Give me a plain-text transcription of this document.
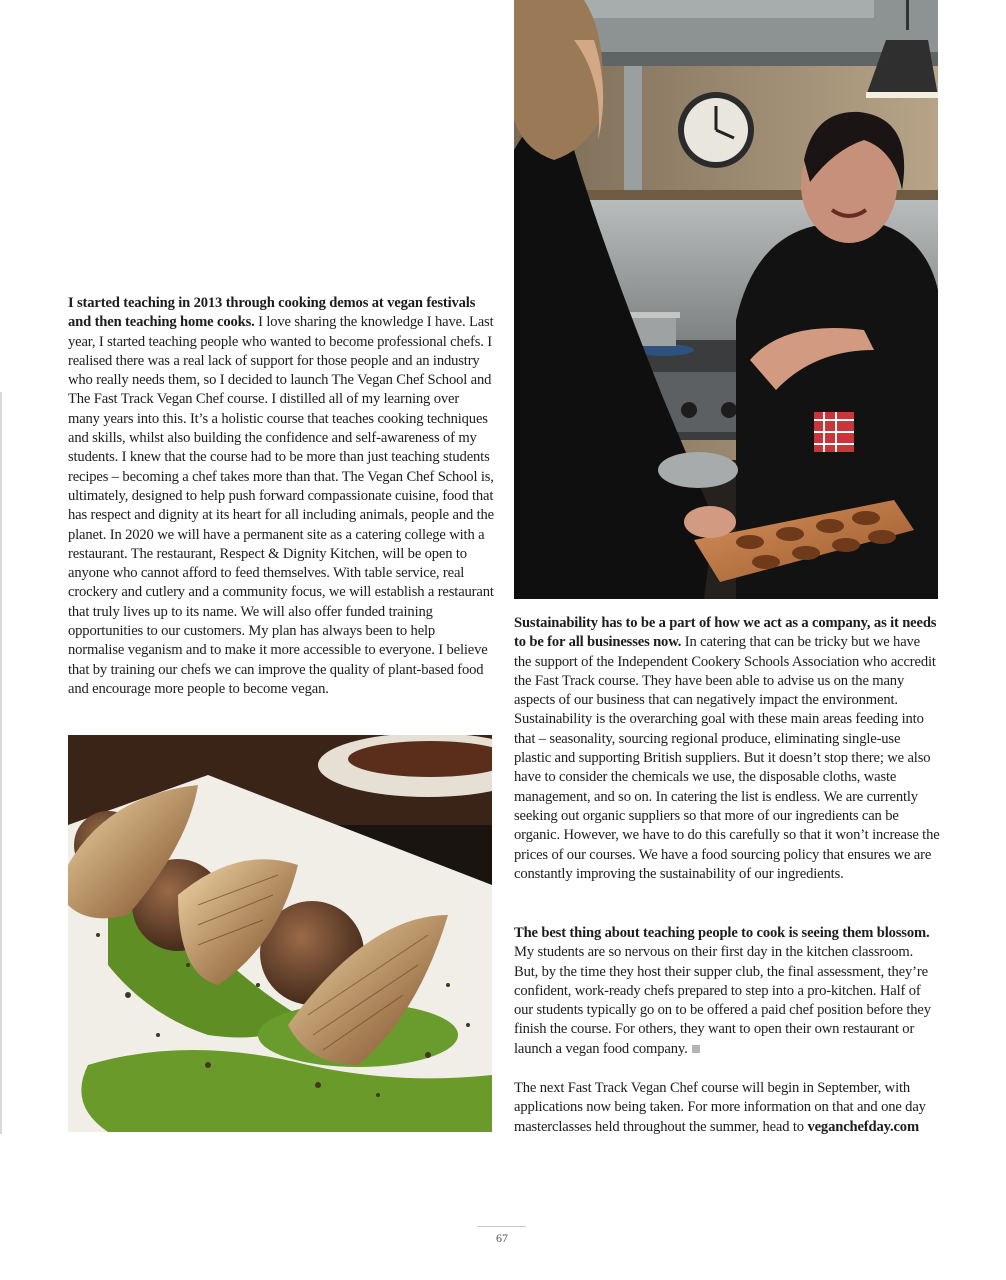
I started teaching in 2013 through cooking demos at vegan festivals and then teaching home cooks. I love sharing the knowledge I have. Last year, I started teaching people who wanted to become professional chefs. I realised there was a real lack of support for those people and an industry who really needs them, so I decided to launch The Vegan Chef School and The Fast Track Vegan Chef course. I distilled all of my learning over many years into this. It’s a holistic course that teaches cooking techniques and skills, whilst also building the confidence and self-awareness of my students. I knew that the course had to be more than just teaching students recipes – becoming a chef takes more than that. The Vegan Chef School is, ultimately, designed to help push forward compassionate cuisine, food that has respect and dignity at its heart for all including animals, people and the planet. In 2020 we will have a permanent site as a catering college with a restaurant. The restaurant, Respect & Dignity Kitchen, will be open to anyone who cannot afford to feed themselves. With table service, real crockery and cutlery and a community focus, we will establish a restaurant that truly lives up to its name. We will also offer funded training opportunities to our customers. My plan has always been to help normalise veganism and to make it more accessible to everyone. I believe that by training our chefs we can improve the quality of plant-based food and encourage more people to become vegan.

Sustainability has to be a part of how we act as a company, as it needs to be for all businesses now. In catering that can be tricky but we have the support of the Independent Cookery Schools Association who accredit the Fast Track course. They have been able to advise us on the many aspects of our business that can negatively impact the environment. Sustainability is the overarching goal with these main areas feeding into that – seasonality, sourcing regional produce, eliminating single-use plastic and supporting British suppliers. But it doesn’t stop there; we also have to consider the chemicals we use, the disposable cloths, waste management, and so on. In catering the list is endless. We are currently seeking out organic suppliers so that more of our ingredients can be organic. However, we have to do this carefully so that it won’t increase the prices of our courses. We have a food sourcing policy that ensures we are constantly improving the sustainability of our ingredients.

The best thing about teaching people to cook is seeing them blossom. My students are so nervous on their first day in the kitchen classroom. But, by the time they host their supper club, the final assessment, they’re confident, work-ready chefs prepared to step into a pro-kitchen. Half of our students typically go on to be offered a paid chef position before they finish the course. For others, they want to open their own restaurant or launch a vegan food company.

The next Fast Track Vegan Chef course will begin in September, with applications now being taken. For more information on that and one day masterclasses held throughout the summer, head to veganchefday.com

67
